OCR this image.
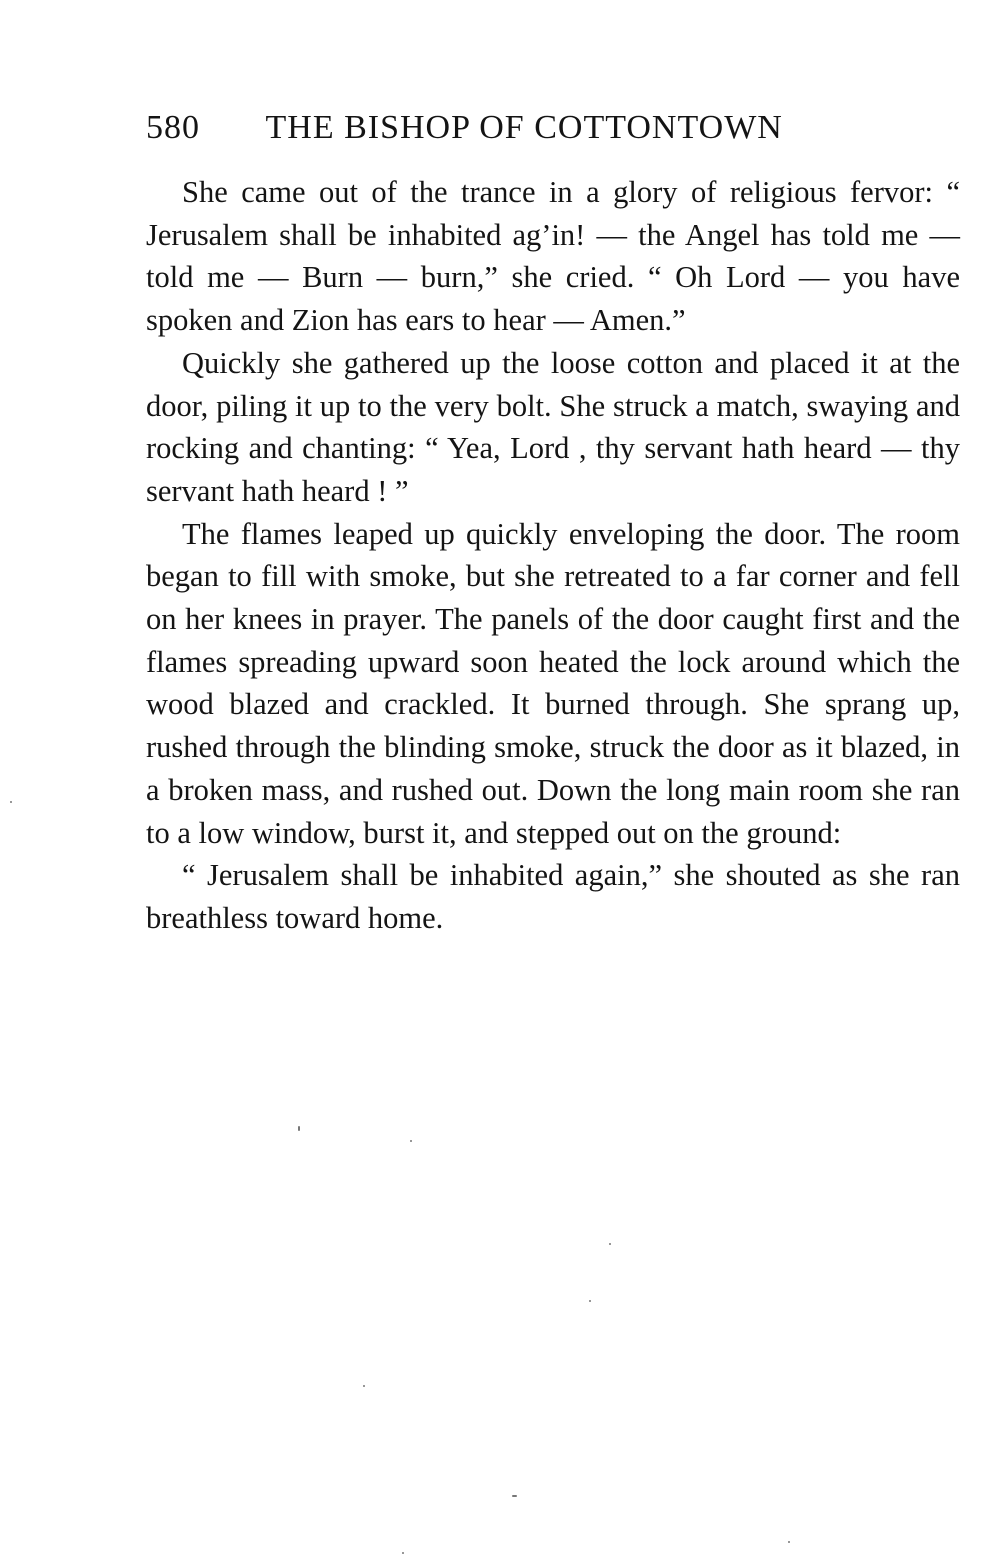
580 THE BISHOP OF COTTONTOWN

She came out of the trance in a glory of religious fervor: “ Jerusalem shall be inhabited ag’in! — the Angel has told me — told me — Burn — burn,” she cried. “ Oh Lord — you have spoken and Zion has ears to hear — Amen.”

Quickly she gathered up the loose cotton and placed it at the door, piling it up to the very bolt. She struck a match, swaying and rocking and chanting: “ Yea, Lord , thy servant hath heard — thy servant hath heard ! ”

The flames leaped up quickly enveloping the door. The room began to fill with smoke, but she retreated to a far corner and fell on her knees in prayer. The panels of the door caught first and the flames spreading upward soon heated the lock around which the wood blazed and crackled. It burned through. She sprang up, rushed through the blinding smoke, struck the door as it blazed, in a broken mass, and rushed out. Down the long main room she ran to a low window, burst it, and stepped out on the ground:

“ Jerusalem shall be inhabited again,” she shouted as she ran breathless toward home.
